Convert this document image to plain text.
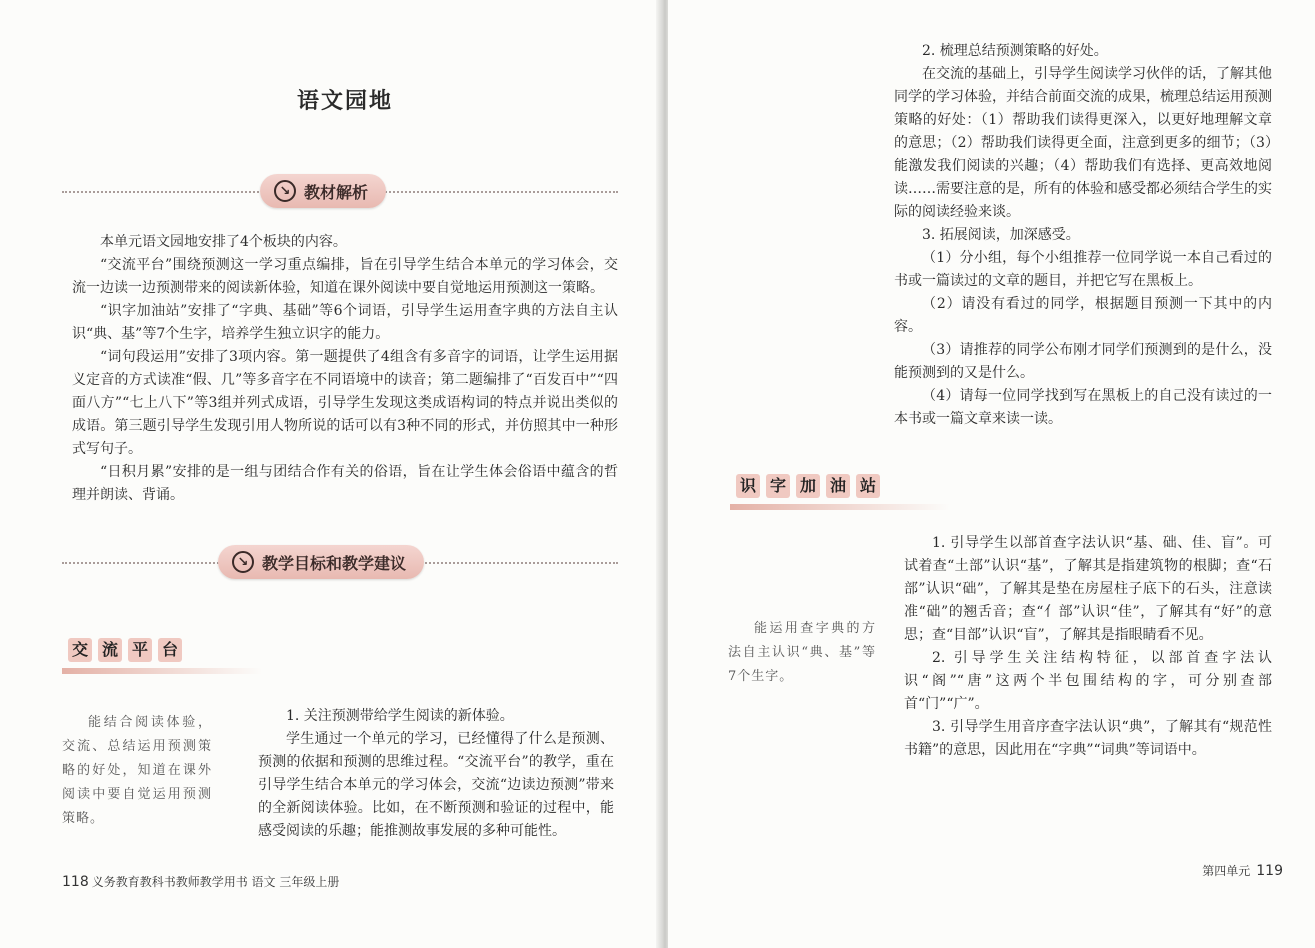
语文园地
↘ 教材解析

本单元语文园地安排了4个板块的内容。

“交流平台”围绕预测这一学习重点编排，旨在引导学生结合本单元的学习体会，交流一边读一边预测带来的阅读新体验，知道在课外阅读中要自觉地运用预测这一策略。

“识字加油站”安排了“字典、基础”等6个词语，引导学生运用查字典的方法自主认识“典、基”等7个生字，培养学生独立识字的能力。

“词句段运用”安排了3项内容。第一题提供了4组含有多音字的词语，让学生运用据义定音的方式读准“假、几”等多音字在不同语境中的读音；第二题编排了“百发百中”“四面八方”“七上八下”等3组并列式成语，引导学生发现这类成语构词的特点并说出类似的成语。第三题引导学生发现引用人物所说的话可以有3种不同的形式，并仿照其中一种形式写句子。

“日积月累”安排的是一组与团结合作有关的俗语，旨在让学生体会俗语中蕴含的哲理并朗读、背诵。

↘ 教学目标和教学建议
交 流 平 台

能结合阅读体验，交流、总结运用预测策略的好处，知道在课外阅读中要自觉运用预测策略。

1. 关注预测带给学生阅读的新体验。

学生通过一个单元的学习，已经懂得了什么是预测、预测的依据和预测的思维过程。“交流平台”的教学，重在引导学生结合本单元的学习体会，交流“边读边预测”带来的全新阅读体验。比如，在不断预测和验证的过程中，能感受阅读的乐趣；能推测故事发展的多种可能性。

118 义务教育教科书教师教学用书 语文 三年级上册

2. 梳理总结预测策略的好处。

在交流的基础上，引导学生阅读学习伙伴的话，了解其他同学的学习体验，并结合前面交流的成果，梳理总结运用预测策略的好处：（1）帮助我们读得更深入，以更好地理解文章的意思；（2）帮助我们读得更全面，注意到更多的细节；（3）能激发我们阅读的兴趣；（4）帮助我们有选择、更高效地阅读……需要注意的是，所有的体验和感受都必须结合学生的实际的阅读经验来谈。

3. 拓展阅读，加深感受。

（1）分小组，每个小组推荐一位同学说一本自己看过的书或一篇读过的文章的题目，并把它写在黑板上。

（2）请没有看过的同学，根据题目预测一下其中的内容。

（3）请推荐的同学公布刚才同学们预测到的是什么，没能预测到的又是什么。

（4）请每一位同学找到写在黑板上的自己没有读过的一本书或一篇文章来读一读。

识 字 加 油 站

能运用查字典的方法自主认识“典、基”等7个生字。

1. 引导学生以部首查字法认识“基、础、佳、盲”。可试着查“土部”认识“基”，了解其是指建筑物的根脚；查“石部”认识“础”，了解其是垫在房屋柱子底下的石头，注意读准“础”的翘舌音；查“亻部”认识“佳”，了解其有“好”的意思；查“目部”认识“盲”，了解其是指眼睛看不见。

2. 引导学生关注结构特征，以部首查字法认识“阁”“唐”这两个半包围结构的字，可分别查部首“门”“广”。

3. 引导学生用音序查字法认识“典”，了解其有“规范性书籍”的意思，因此用在“字典”“词典”等词语中。

第四单元 119
